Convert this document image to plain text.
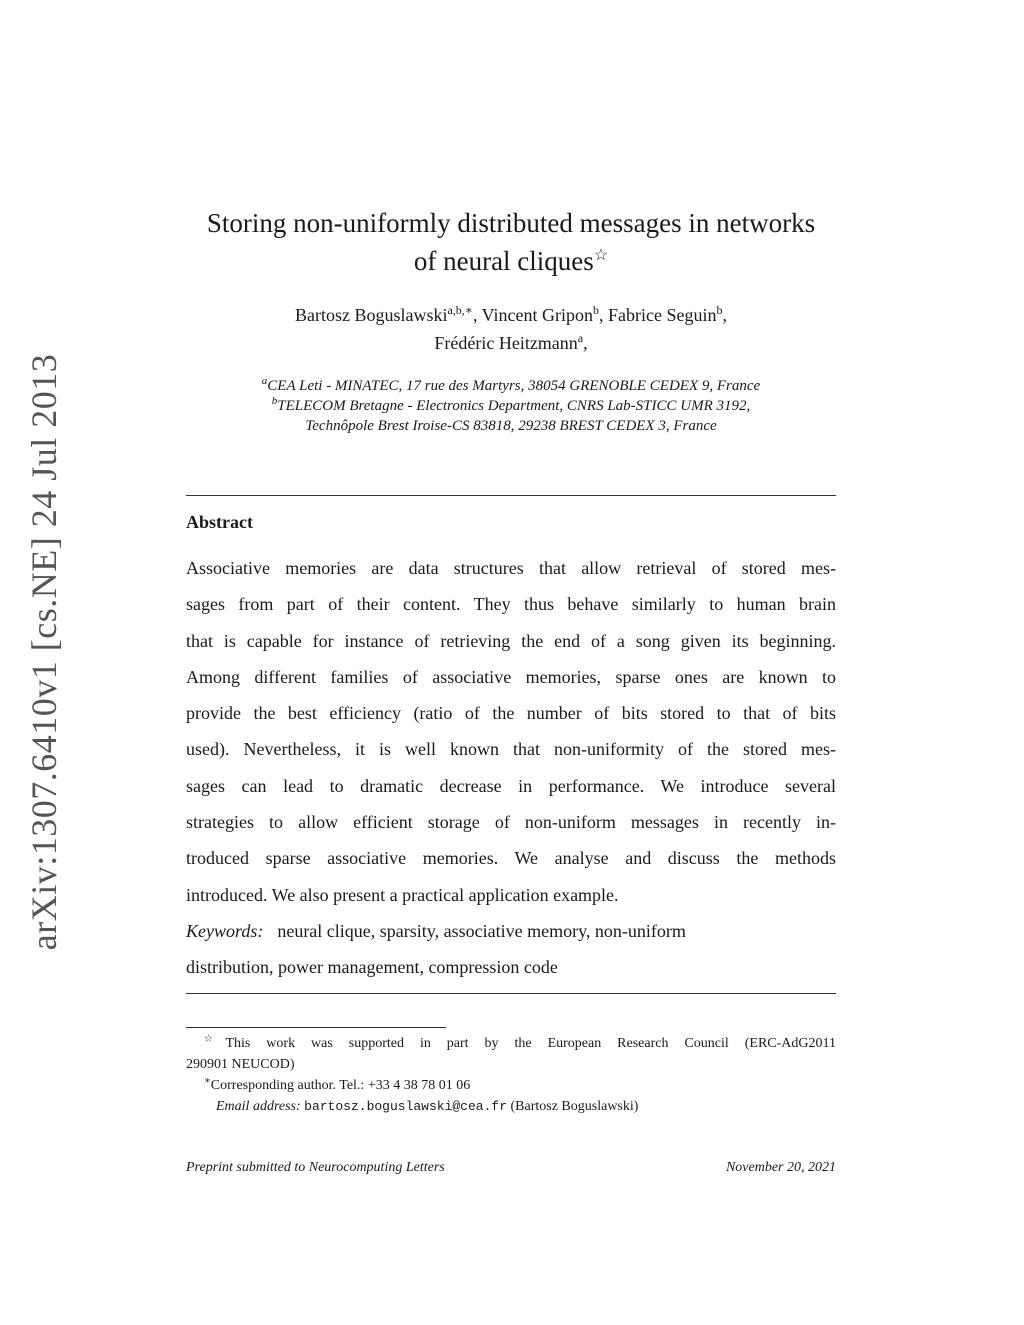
arXiv:1307.6410v1 [cs.NE] 24 Jul 2013
Storing non-uniformly distributed messages in networks
of neural cliques☆
Bartosz Boguslawski$^{a,b,∗}$, Vincent Gripon$^b$, Fabrice Seguin$^b$,
Frédéric Heitzmann$^a$,
$^a$CEA Leti - MINATEC, 17 rue des Martyrs, 38054 GRENOBLE CEDEX 9, France
$^b$TELECOM Bretagne - Electronics Department, CNRS Lab-STICC UMR 3192,
Technôpole Brest Iroise-CS 83818, 29238 BREST CEDEX 3, France
Abstract
Associative memories are data structures that allow retrieval of stored mes-
sages from part of their content. They thus behave similarly to human brain
that is capable for instance of retrieving the end of a song given its beginning.
Among different families of associative memories, sparse ones are known to
provide the best efficiency (ratio of the number of bits stored to that of bits
used). Nevertheless, it is well known that non-uniformity of the stored mes-
sages can lead to dramatic decrease in performance. We introduce several
strategies to allow efficient storage of non-uniform messages in recently in-
troduced sparse associative memories. We analyse and discuss the methods
introduced. We also present a practical application example.
Keywords: neural clique, sparsity, associative memory, non-uniform
distribution, power management, compression code
☆This work was supported in part by the European Research Council (ERC-AdG2011
290901 NEUCOD)
∗Corresponding author. Tel.: +33 4 38 78 01 06
Email address: bartosz.boguslawski@cea.fr (Bartosz Boguslawski)
Preprint submitted to Neurocomputing Letters	November 20, 2021
